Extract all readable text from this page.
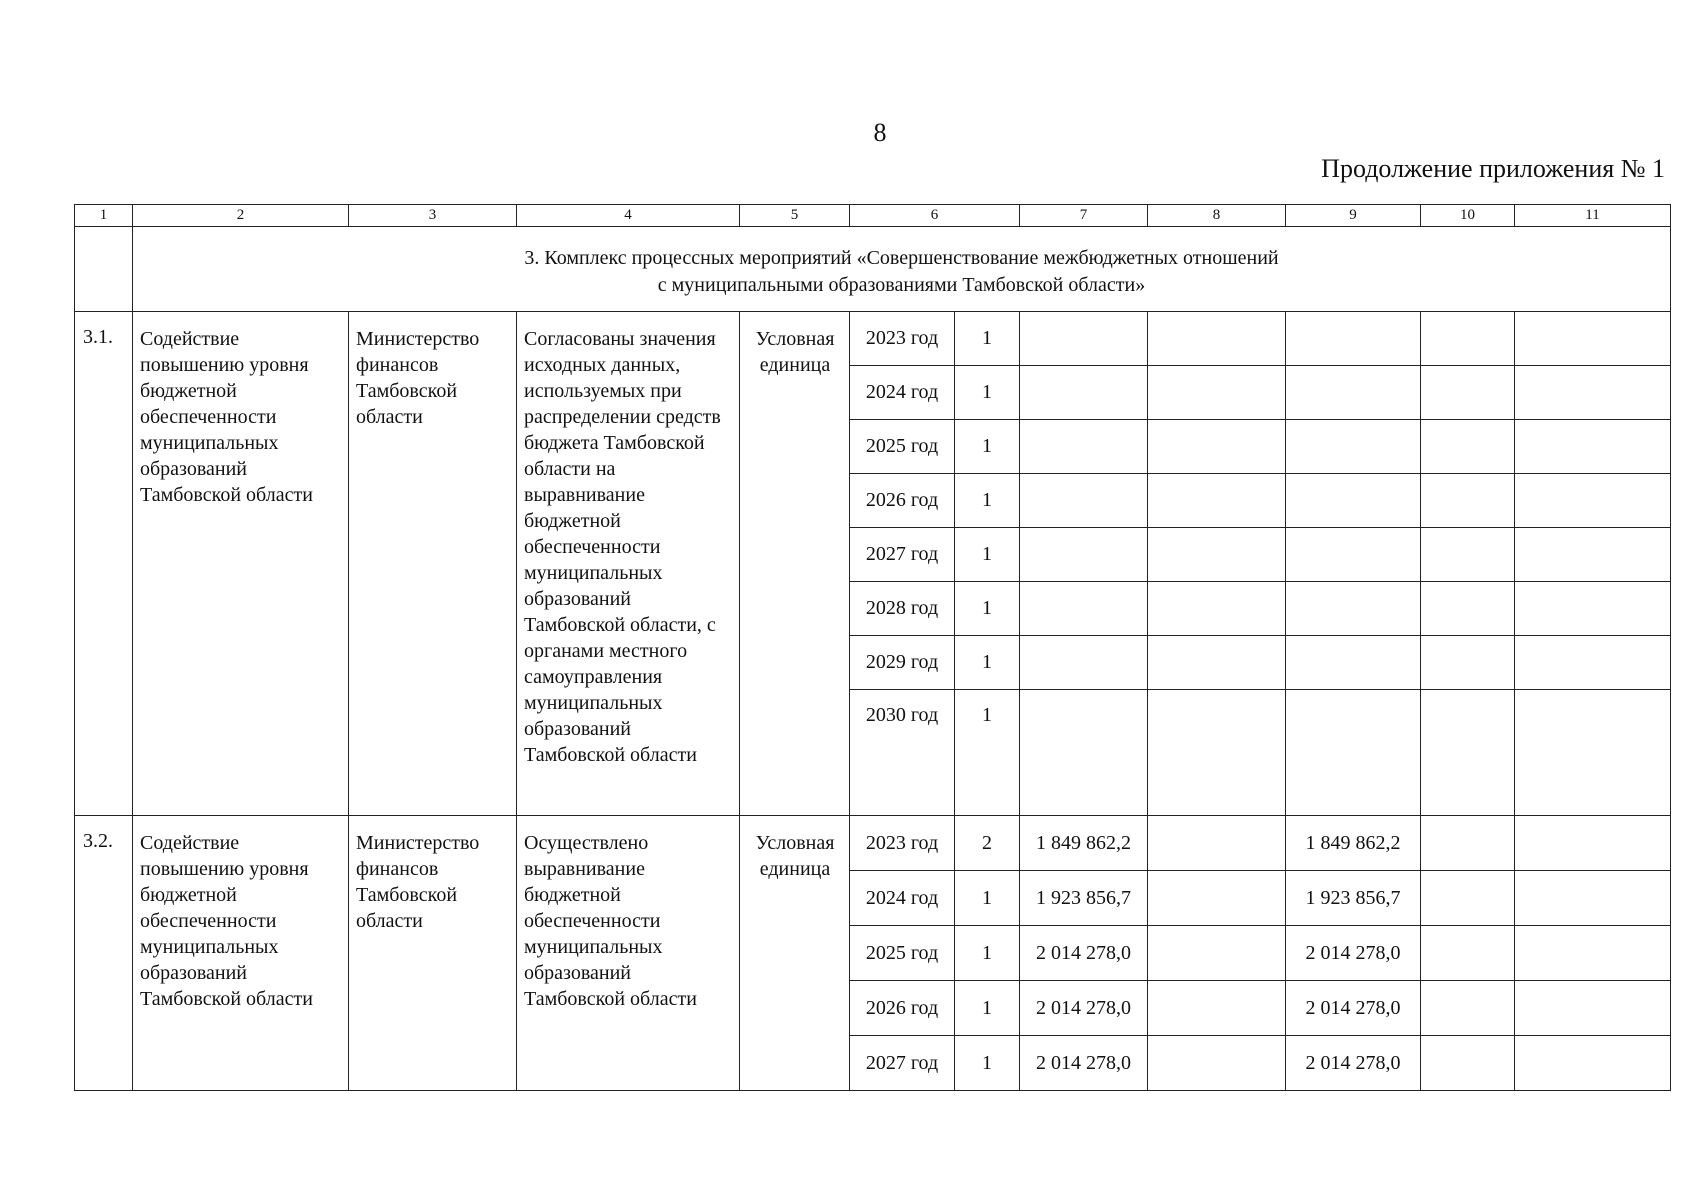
8
Продолжение приложения № 1
1	2	3	4	5	6		7	8	9	10	11

	3. Комплекс процессных мероприятий «Совершенствование межбюджетных отношений
с муниципальными образованиями Тамбовской области»										

3.1.	Содействие повышению уровня бюджетной обеспеченности муниципальных образований Тамбовской области	Министерство финансов Тамбовской области	Согласованы значения исходных данных, используемых при распределении средств бюджета Тамбовской области на выравнивание бюджетной обеспеченности муниципальных образований Тамбовской области, с органами местного самоуправления муниципальных образований Тамбовской области	Условная единица	2023 год	1					
					2024 год	1					
					2025 год	1					
					2026 год	1					
					2027 год	1					
					2028 год	1					
					2029 год	1					
					2030 год	1					
3.2.	Содействие повышению уровня бюджетной обеспеченности муниципальных образований Тамбовской области	Министерство финансов Тамбовской области	Осуществлено выравнивание бюджетной обеспеченности муниципальных образований Тамбовской области	Условная единица	2023 год	2	1 849 862,2		1 849 862,2		
					2024 год	1	1 923 856,7		1 923 856,7		
					2025 год	1	2 014 278,0		2 014 278,0		
					2026 год	1	2 014 278,0		2 014 278,0		
					2027 год	1	2 014 278,0		2 014 278,0		
